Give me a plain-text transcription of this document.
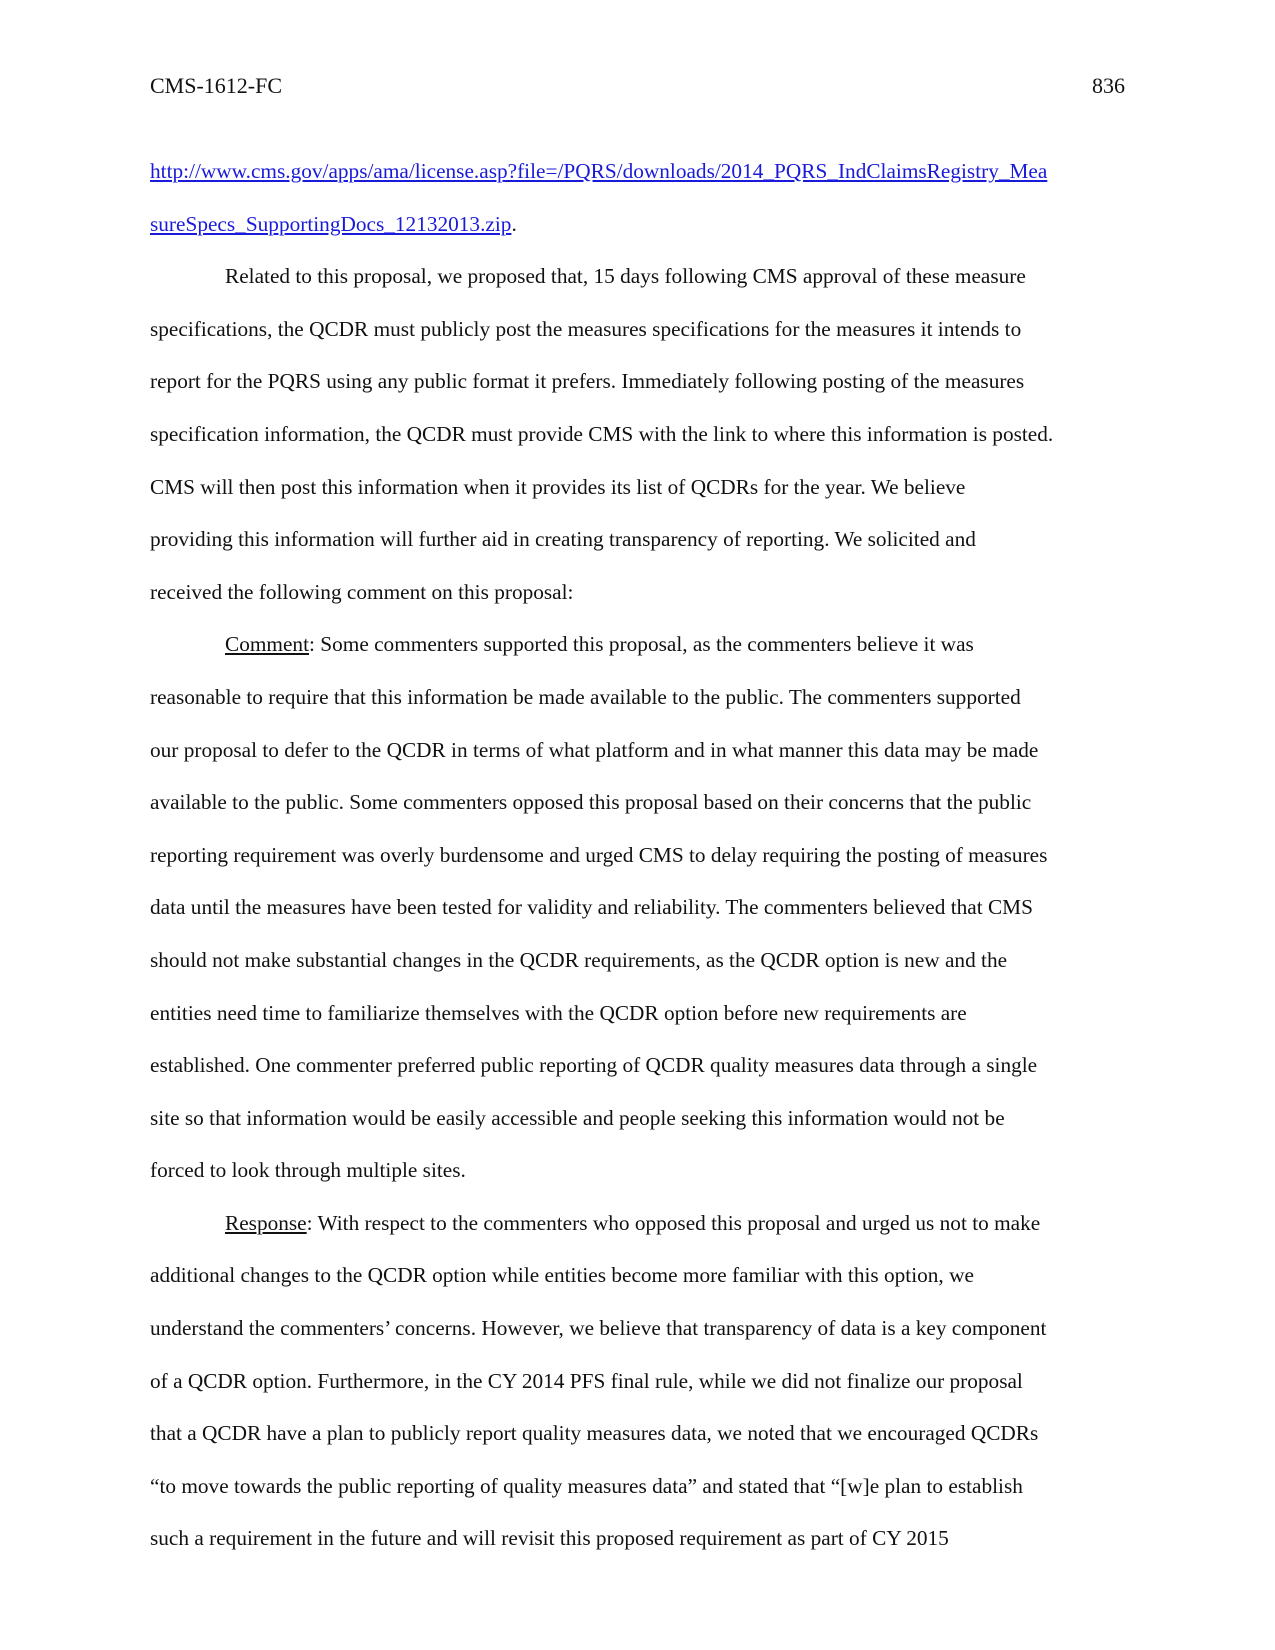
CMS-1612-FC	836
http://www.cms.gov/apps/ama/license.asp?file=/PQRS/downloads/2014_PQRS_IndClaimsRegistry_Mea
sureSpecs_SupportingDocs_12132013.zip.
Related to this proposal, we proposed that, 15 days following CMS approval of these measure
specifications, the QCDR must publicly post the measures specifications for the measures it intends to
report for the PQRS using any public format it prefers. Immediately following posting of the measures
specification information, the QCDR must provide CMS with the link to where this information is posted.
CMS will then post this information when it provides its list of QCDRs for the year. We believe
providing this information will further aid in creating transparency of reporting. We solicited and
received the following comment on this proposal:
Comment: Some commenters supported this proposal, as the commenters believe it was
reasonable to require that this information be made available to the public. The commenters supported
our proposal to defer to the QCDR in terms of what platform and in what manner this data may be made
available to the public. Some commenters opposed this proposal based on their concerns that the public
reporting requirement was overly burdensome and urged CMS to delay requiring the posting of measures
data until the measures have been tested for validity and reliability. The commenters believed that CMS
should not make substantial changes in the QCDR requirements, as the QCDR option is new and the
entities need time to familiarize themselves with the QCDR option before new requirements are
established. One commenter preferred public reporting of QCDR quality measures data through a single
site so that information would be easily accessible and people seeking this information would not be
forced to look through multiple sites.
Response: With respect to the commenters who opposed this proposal and urged us not to make
additional changes to the QCDR option while entities become more familiar with this option, we
understand the commenters’ concerns. However, we believe that transparency of data is a key component
of a QCDR option. Furthermore, in the CY 2014 PFS final rule, while we did not finalize our proposal
that a QCDR have a plan to publicly report quality measures data, we noted that we encouraged QCDRs
“to move towards the public reporting of quality measures data” and stated that “[w]e plan to establish
such a requirement in the future and will revisit this proposed requirement as part of CY 2015
